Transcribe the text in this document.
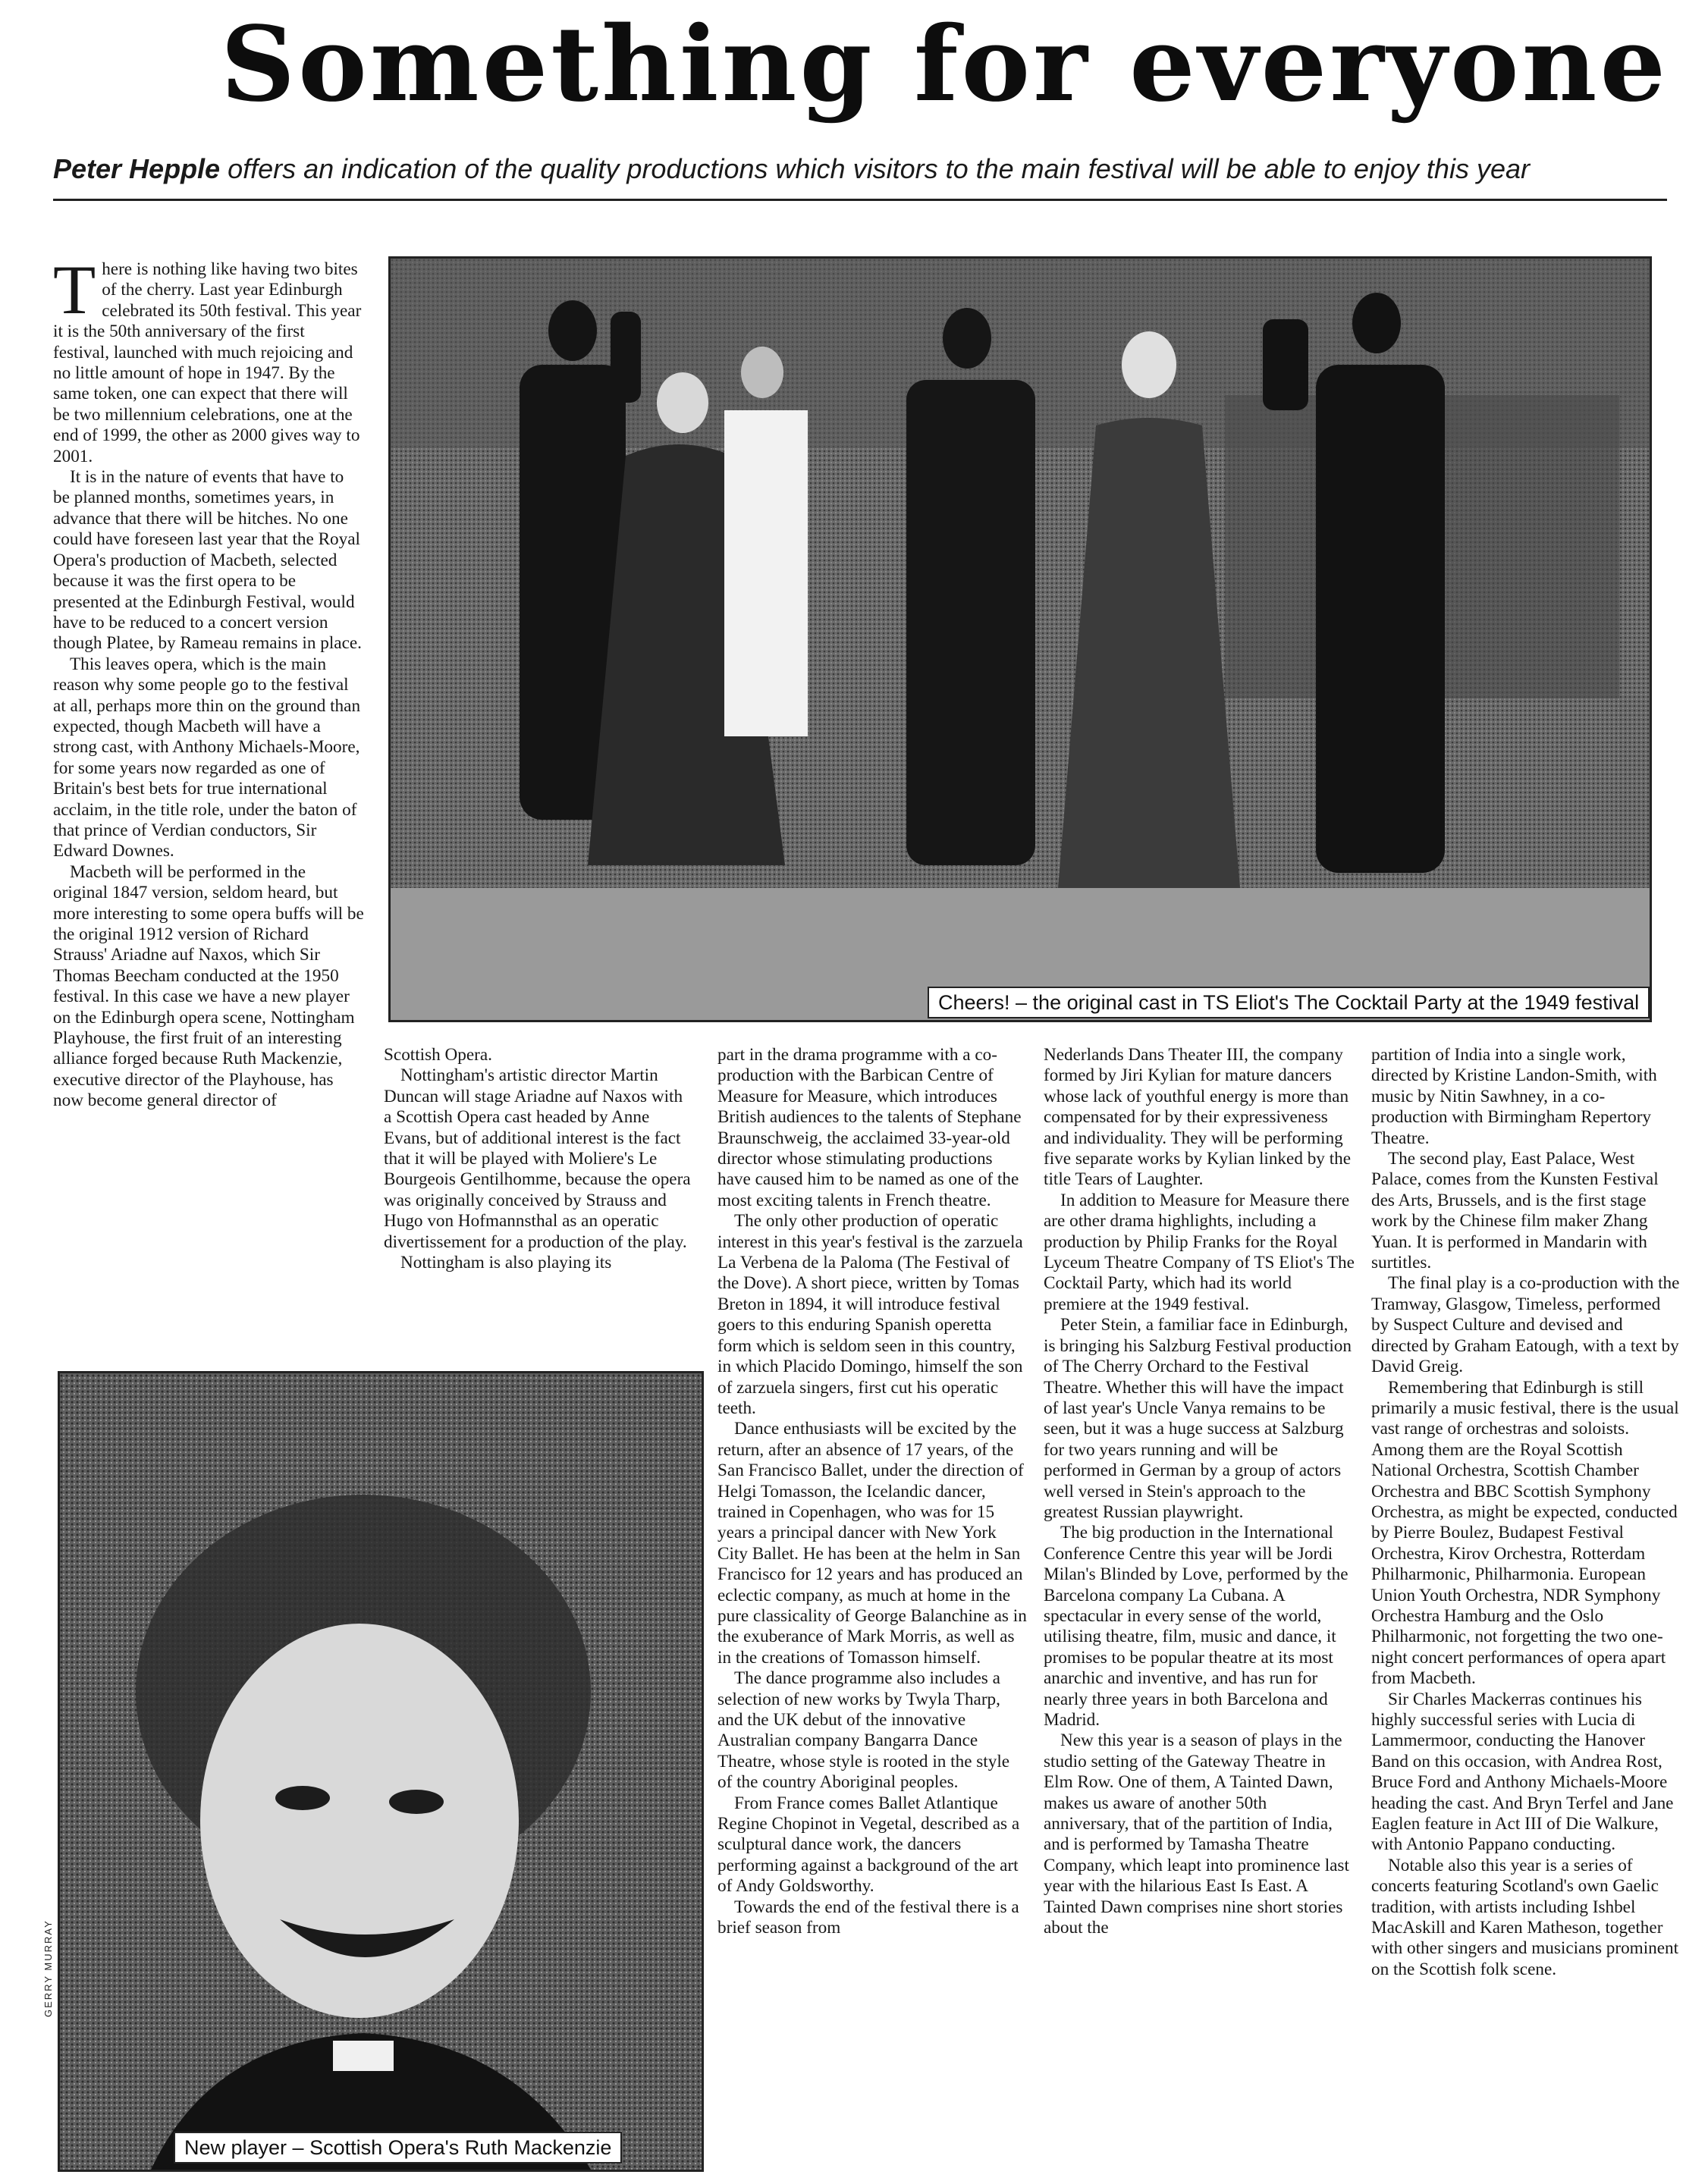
Something for everyone
Peter Hepple offers an indication of the quality productions which visitors to the main festival will be able to enjoy this year
Cheers! – the original cast in TS Eliot's The Cocktail Party at the 1949 festival
New player – Scottish Opera's Ruth Mackenzie
GERRY MURRAY

T here is nothing like having two bites of the cherry. Last year Edinburgh celebrated its 50th festival. This year it is the 50th anniversary of the first festival, launched with much rejoicing and no little amount of hope in 1947. By the same token, one can expect that there will be two millennium celebrations, one at the end of 1999, the other as 2000 gives way to 2001.

It is in the nature of events that have to be planned months, sometimes years, in advance that there will be hitches. No one could have foreseen last year that the Royal Opera's production of Macbeth, selected because it was the first opera to be presented at the Edinburgh Festival, would have to be reduced to a concert version though Platee, by Rameau remains in place.

This leaves opera, which is the main reason why some people go to the festival at all, perhaps more thin on the ground than expected, though Macbeth will have a strong cast, with Anthony Michaels-Moore, for some years now regarded as one of Britain's best bets for true international acclaim, in the title role, under the baton of that prince of Verdian conductors, Sir Edward Downes.

Macbeth will be performed in the original 1847 version, seldom heard, but more interesting to some opera buffs will be the original 1912 version of Richard Strauss' Ariadne auf Naxos, which Sir Thomas Beecham conducted at the 1950 festival. In this case we have a new player on the Edinburgh opera scene, Nottingham Playhouse, the first fruit of an interesting alliance forged because Ruth Mackenzie, executive director of the Playhouse, has now become general director of

Scottish Opera.

Nottingham's artistic director Martin Duncan will stage Ariadne auf Naxos with a Scottish Opera cast headed by Anne Evans, but of additional interest is the fact that it will be played with Moliere's Le Bourgeois Gentilhomme, because the opera was originally conceived by Strauss and Hugo von Hofmannsthal as an operatic divertissement for a production of the play.

Nottingham is also playing its

part in the drama programme with a co-production with the Barbican Centre of Measure for Measure, which introduces British audiences to the talents of Stephane Braunschweig, the acclaimed 33-year-old director whose stimulating productions have caused him to be named as one of the most exciting talents in French theatre.

The only other production of operatic interest in this year's festival is the zarzuela La Verbena de la Paloma (The Festival of the Dove). A short piece, written by Tomas Breton in 1894, it will introduce festival goers to this enduring Spanish operetta form which is seldom seen in this country, in which Placido Domingo, himself the son of zarzuela singers, first cut his operatic teeth.

Dance enthusiasts will be excited by the return, after an absence of 17 years, of the San Francisco Ballet, under the direction of Helgi Tomasson, the Icelandic dancer, trained in Copenhagen, who was for 15 years a principal dancer with New York City Ballet. He has been at the helm in San Francisco for 12 years and has produced an eclectic company, as much at home in the pure classicality of George Balanchine as in the exuberance of Mark Morris, as well as in the creations of Tomasson himself.

The dance programme also includes a selection of new works by Twyla Tharp, and the UK debut of the innovative Australian company Bangarra Dance Theatre, whose style is rooted in the style of the country Aboriginal peoples.

From France comes Ballet Atlantique Regine Chopinot in Vegetal, described as a sculptural dance work, the dancers performing against a background of the art of Andy Goldsworthy.

Towards the end of the festival there is a brief season from

Nederlands Dans Theater III, the company formed by Jiri Kylian for mature dancers whose lack of youthful energy is more than compensated for by their expressiveness and individuality. They will be performing five separate works by Kylian linked by the title Tears of Laughter.

In addition to Measure for Measure there are other drama highlights, including a production by Philip Franks for the Royal Lyceum Theatre Company of TS Eliot's The Cocktail Party, which had its world premiere at the 1949 festival.

Peter Stein, a familiar face in Edinburgh, is bringing his Salzburg Festival production of The Cherry Orchard to the Festival Theatre. Whether this will have the impact of last year's Uncle Vanya remains to be seen, but it was a huge success at Salzburg for two years running and will be performed in German by a group of actors well versed in Stein's approach to the greatest Russian playwright.

The big production in the International Conference Centre this year will be Jordi Milan's Blinded by Love, performed by the Barcelona company La Cubana. A spectacular in every sense of the world, utilising theatre, film, music and dance, it promises to be popular theatre at its most anarchic and inventive, and has run for nearly three years in both Barcelona and Madrid.

New this year is a season of plays in the studio setting of the Gateway Theatre in Elm Row. One of them, A Tainted Dawn, makes us aware of another 50th anniversary, that of the partition of India, and is performed by Tamasha Theatre Company, which leapt into prominence last year with the hilarious East Is East. A Tainted Dawn comprises nine short stories about the

partition of India into a single work, directed by Kristine Landon-Smith, with music by Nitin Sawhney, in a co-production with Birmingham Repertory Theatre.

The second play, East Palace, West Palace, comes from the Kunsten Festival des Arts, Brussels, and is the first stage work by the Chinese film maker Zhang Yuan. It is performed in Mandarin with surtitles.

The final play is a co-production with the Tramway, Glasgow, Timeless, performed by Suspect Culture and devised and directed by Graham Eatough, with a text by David Greig.

Remembering that Edinburgh is still primarily a music festival, there is the usual vast range of orchestras and soloists. Among them are the Royal Scottish National Orchestra, Scottish Chamber Orchestra and BBC Scottish Symphony Orchestra, as might be expected, conducted by Pierre Boulez, Budapest Festival Orchestra, Kirov Orchestra, Rotterdam Philharmonic, Philharmonia. European Union Youth Orchestra, NDR Symphony Orchestra Hamburg and the Oslo Philharmonic, not forgetting the two one-night concert performances of opera apart from Macbeth.

Sir Charles Mackerras continues his highly successful series with Lucia di Lammermoor, conducting the Hanover Band on this occasion, with Andrea Rost, Bruce Ford and Anthony Michaels-Moore heading the cast. And Bryn Terfel and Jane Eaglen feature in Act III of Die Walkure, with Antonio Pappano conducting.

Notable also this year is a series of concerts featuring Scotland's own Gaelic tradition, with artists including Ishbel MacAskill and Karen Matheson, together with other singers and musicians prominent on the Scottish folk scene.
